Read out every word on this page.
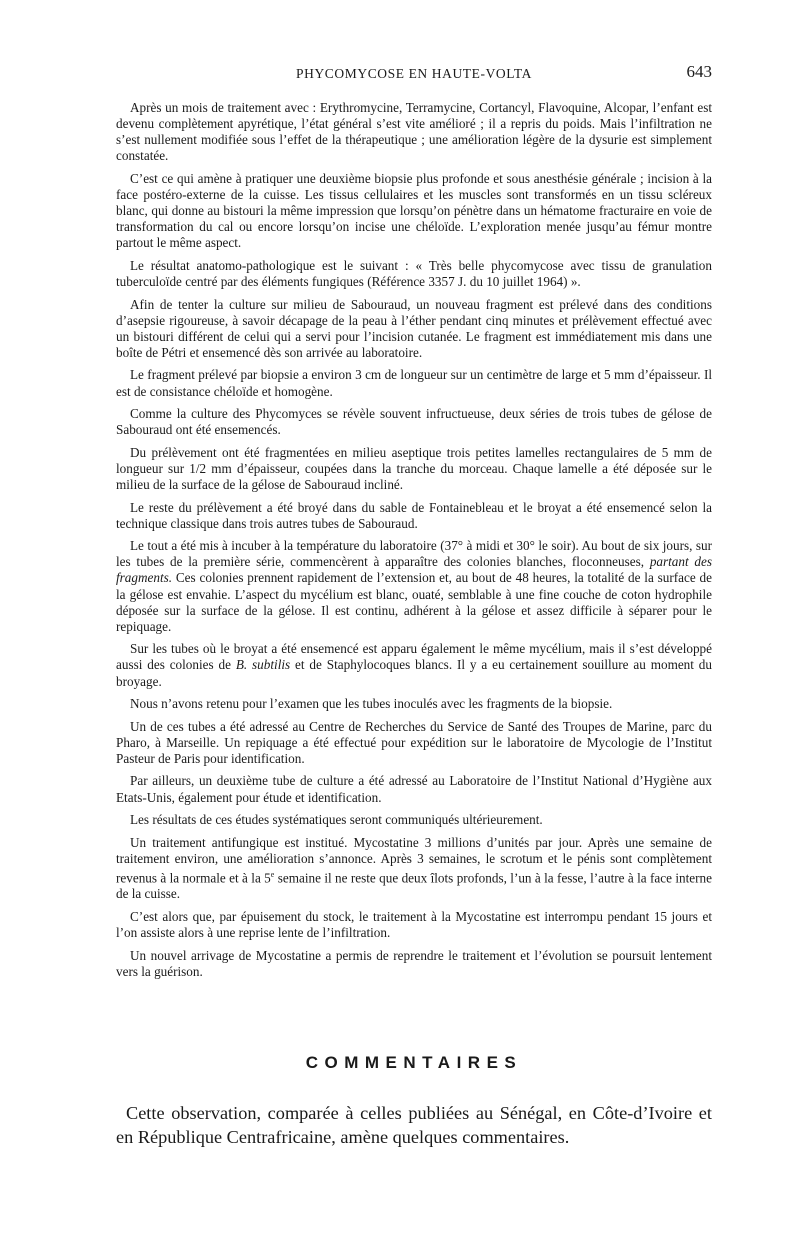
PHYCOMYCOSE EN HAUTE-VOLTA	643

Après un mois de traitement avec : Erythromycine, Terramycine, Cortancyl, Flavoquine, Alcopar, l’enfant est devenu complètement apyrétique, l’état général s’est vite amélioré ; il a repris du poids. Mais l’infiltration ne s’est nullement modifiée sous l’effet de la thérapeutique ; une amélioration légère de la dysurie est simplement constatée.

C’est ce qui amène à pratiquer une deuxième biopsie plus profonde et sous anesthésie générale ; incision à la face postéro-externe de la cuisse. Les tissus cellulaires et les muscles sont transformés en un tissu scléreux blanc, qui donne au bistouri la même impression que lorsqu’on pénètre dans un hématome fracturaire en voie de transformation du cal ou encore lorsqu’on incise une chéloïde. L’exploration menée jusqu’au fémur montre partout le même aspect.

Le résultat anatomo-pathologique est le suivant : « Très belle phycomycose avec tissu de granulation tuberculoïde centré par des éléments fungiques (Référence 3357 J. du 10 juillet 1964) ».

Afin de tenter la culture sur milieu de Sabouraud, un nouveau fragment est prélevé dans des conditions d’asepsie rigoureuse, à savoir décapage de la peau à l’éther pendant cinq minutes et prélèvement effectué avec un bistouri différent de celui qui a servi pour l’incision cutanée. Le fragment est immédiatement mis dans une boîte de Pétri et ensemencé dès son arrivée au laboratoire.

Le fragment prélevé par biopsie a environ 3 cm de longueur sur un centimètre de large et 5 mm d’épaisseur. Il est de consistance chéloïde et homogène.

Comme la culture des Phycomyces se révèle souvent infructueuse, deux séries de trois tubes de gélose de Sabouraud ont été ensemencés.

Du prélèvement ont été fragmentées en milieu aseptique trois petites lamelles rectangulaires de 5 mm de longueur sur 1/2 mm d’épaisseur, coupées dans la tranche du morceau. Chaque lamelle a été déposée sur le milieu de la surface de la gélose de Sabouraud incliné.

Le reste du prélèvement a été broyé dans du sable de Fontainebleau et le broyat a été ensemencé selon la technique classique dans trois autres tubes de Sabouraud.

Le tout a été mis à incuber à la température du laboratoire (37° à midi et 30° le soir). Au bout de six jours, sur les tubes de la première série, commencèrent à apparaître des colonies blanches, floconneuses, partant des fragments. Ces colonies prennent rapidement de l’extension et, au bout de 48 heures, la totalité de la surface de la gélose est envahie. L’aspect du mycélium est blanc, ouaté, semblable à une fine couche de coton hydrophile déposée sur la surface de la gélose. Il est continu, adhérent à la gélose et assez difficile à séparer pour le repiquage.

Sur les tubes où le broyat a été ensemencé est apparu également le même mycélium, mais il s’est développé aussi des colonies de B. subtilis et de Staphylocoques blancs. Il y a eu certainement souillure au moment du broyage.

Nous n’avons retenu pour l’examen que les tubes inoculés avec les fragments de la biopsie.

Un de ces tubes a été adressé au Centre de Recherches du Service de Santé des Troupes de Marine, parc du Pharo, à Marseille. Un repiquage a été effectué pour expédition sur le laboratoire de Mycologie de l’Institut Pasteur de Paris pour identification.

Par ailleurs, un deuxième tube de culture a été adressé au Laboratoire de l’Institut National d’Hygiène aux Etats-Unis, également pour étude et identification.

Les résultats de ces études systématiques seront communiqués ultérieurement.

Un traitement antifungique est institué. Mycostatine 3 millions d’unités par jour. Après une semaine de traitement environ, une amélioration s’annonce. Après 3 semaines, le scrotum et le pénis sont complètement revenus à la normale et à la 5e semaine il ne reste que deux îlots profonds, l’un à la fesse, l’autre à la face interne de la cuisse.

C’est alors que, par épuisement du stock, le traitement à la Mycostatine est interrompu pendant 15 jours et l’on assiste alors à une reprise lente de l’infiltration.

Un nouvel arrivage de Mycostatine a permis de reprendre le traitement et l’évolution se poursuit lentement vers la guérison.

COMMENTAIRES

Cette observation, comparée à celles publiées au Sénégal, en Côte-d’Ivoire et en République Centrafricaine, amène quelques commentaires.
